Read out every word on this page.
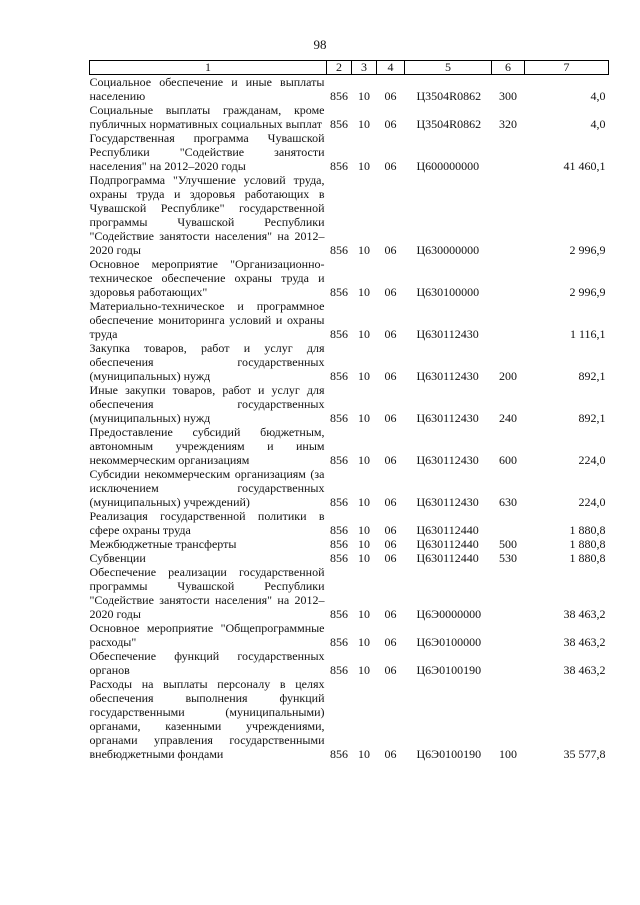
98
1	2	3	4	5	6	7
Социальное обеспечение и иные выплаты населению	856	10	06	Ц3504R0862	300	4,0
Социальные выплаты гражданам, кроме публичных нормативных социальных выплат	856	10	06	Ц3504R0862	320	4,0
Государственная программа Чувашской Республики "Содействие занятости населения" на 2012–2020 годы	856	10	06	Ц600000000		41 460,1
Подпрограмма "Улучшение условий труда, охраны труда и здоровья работающих в Чувашской Республике" государственной программы Чувашской Республики "Содействие занятости населения" на 2012–2020 годы	856	10	06	Ц630000000		2 996,9
Основное мероприятие "Организационно-техническое обеспечение охраны труда и здоровья работающих"	856	10	06	Ц630100000		2 996,9
Материально-техническое и программное обеспечение мониторинга условий и охраны труда	856	10	06	Ц630112430		1 116,1
Закупка товаров, работ и услуг для обеспечения государственных (муниципальных) нужд	856	10	06	Ц630112430	200	892,1
Иные закупки товаров, работ и услуг для обеспечения государственных (муниципальных) нужд	856	10	06	Ц630112430	240	892,1
Предоставление субсидий бюджетным, автономным учреждениям и иным некоммерческим организациям	856	10	06	Ц630112430	600	224,0
Субсидии некоммерческим организациям (за исключением государственных (муниципальных) учреждений)	856	10	06	Ц630112430	630	224,0
Реализация государственной политики в сфере охраны труда	856	10	06	Ц630112440		1 880,8
Межбюджетные трансферты	856	10	06	Ц630112440	500	1 880,8
Субвенции	856	10	06	Ц630112440	530	1 880,8
Обеспечение реализации государственной программы Чувашской Республики "Содействие занятости населения" на 2012–2020 годы	856	10	06	Ц6Э0000000		38 463,2
Основное мероприятие "Общепрограммные расходы"	856	10	06	Ц6Э0100000		38 463,2
Обеспечение функций государственных органов	856	10	06	Ц6Э0100190		38 463,2
Расходы на выплаты персоналу в целях обеспечения выполнения функций государственными (муниципальными) органами, казенными учреждениями, органами управления государственными внебюджетными фондами	856	10	06	Ц6Э0100190	100	35 577,8
